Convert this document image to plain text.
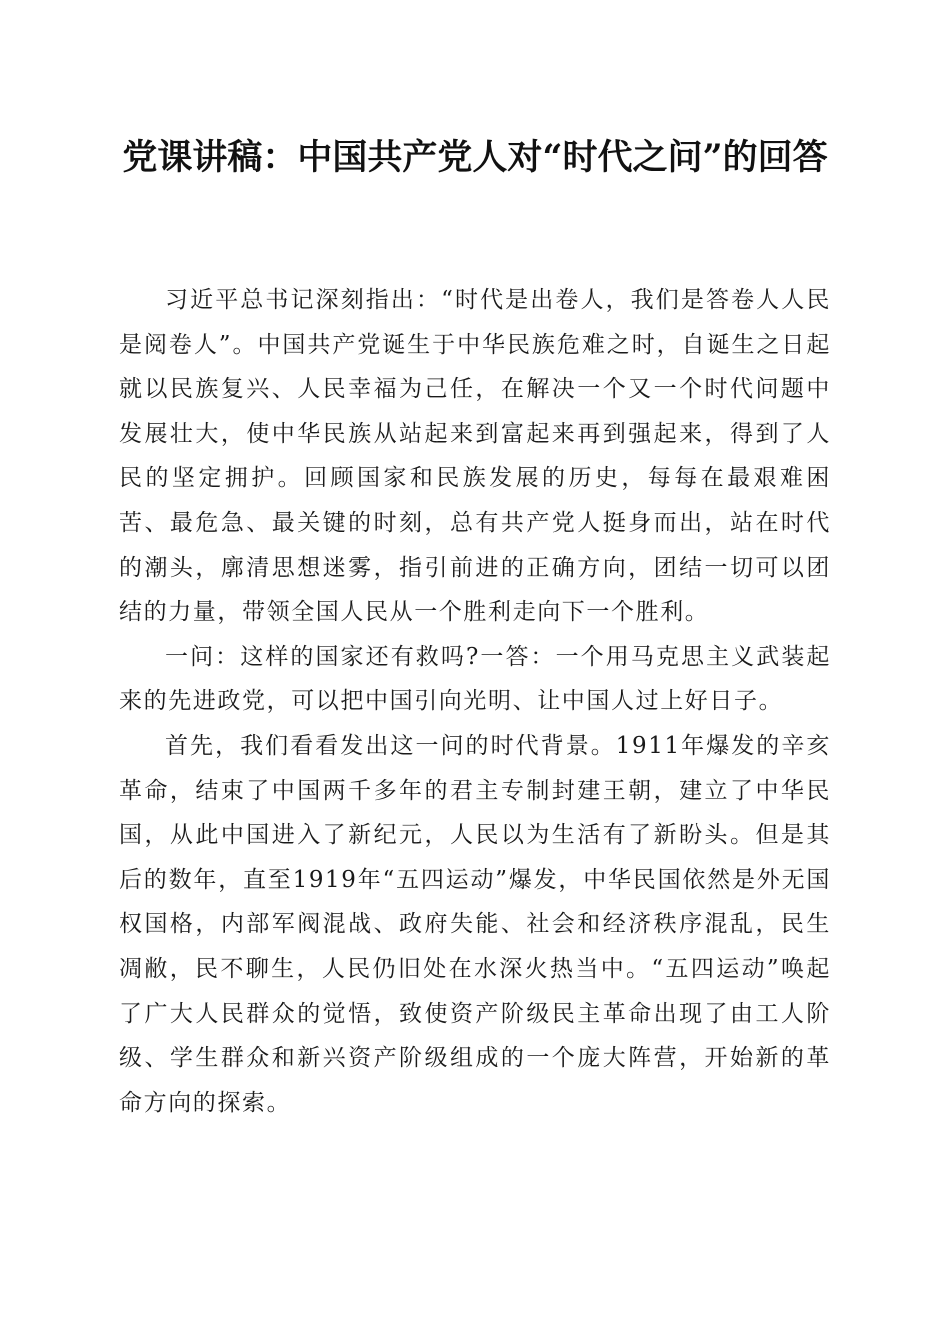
党课讲稿：中国共产党人对“时代之问”的回答

习近平总书记深刻指出：“时代是出卷人，我们是答卷人人民是阅卷人”。中国共产党诞生于中华民族危难之时，自诞生之日起就以民族复兴、人民幸福为己任，在解决一个又一个时代问题中发展壮大，使中华民族从站起来到富起来再到强起来，得到了人民的坚定拥护。回顾国家和民族发展的历史，每每在最艰难困苦、最危急、最关键的时刻，总有共产党人挺身而出，站在时代的潮头，廓清思想迷雾，指引前进的正确方向，团结一切可以团结的力量，带领全国人民从一个胜利走向下一个胜利。

一问：这样的国家还有救吗?一答：一个用马克思主义武装起来的先进政党，可以把中国引向光明、让中国人过上好日子。

首先，我们看看发出这一问的时代背景。1911年爆发的辛亥革命，结束了中国两千多年的君主专制封建王朝，建立了中华民国，从此中国进入了新纪元，人民以为生活有了新盼头。但是其后的数年，直至1919年“五四运动”爆发，中华民国依然是外无国权国格，内部军阀混战、政府失能、社会和经济秩序混乱，民生凋敝，民不聊生，人民仍旧处在水深火热当中。“五四运动”唤起了广大人民群众的觉悟，致使资产阶级民主革命出现了由工人阶级、学生群众和新兴资产阶级组成的一个庞大阵营，开始新的革命方向的探索。
